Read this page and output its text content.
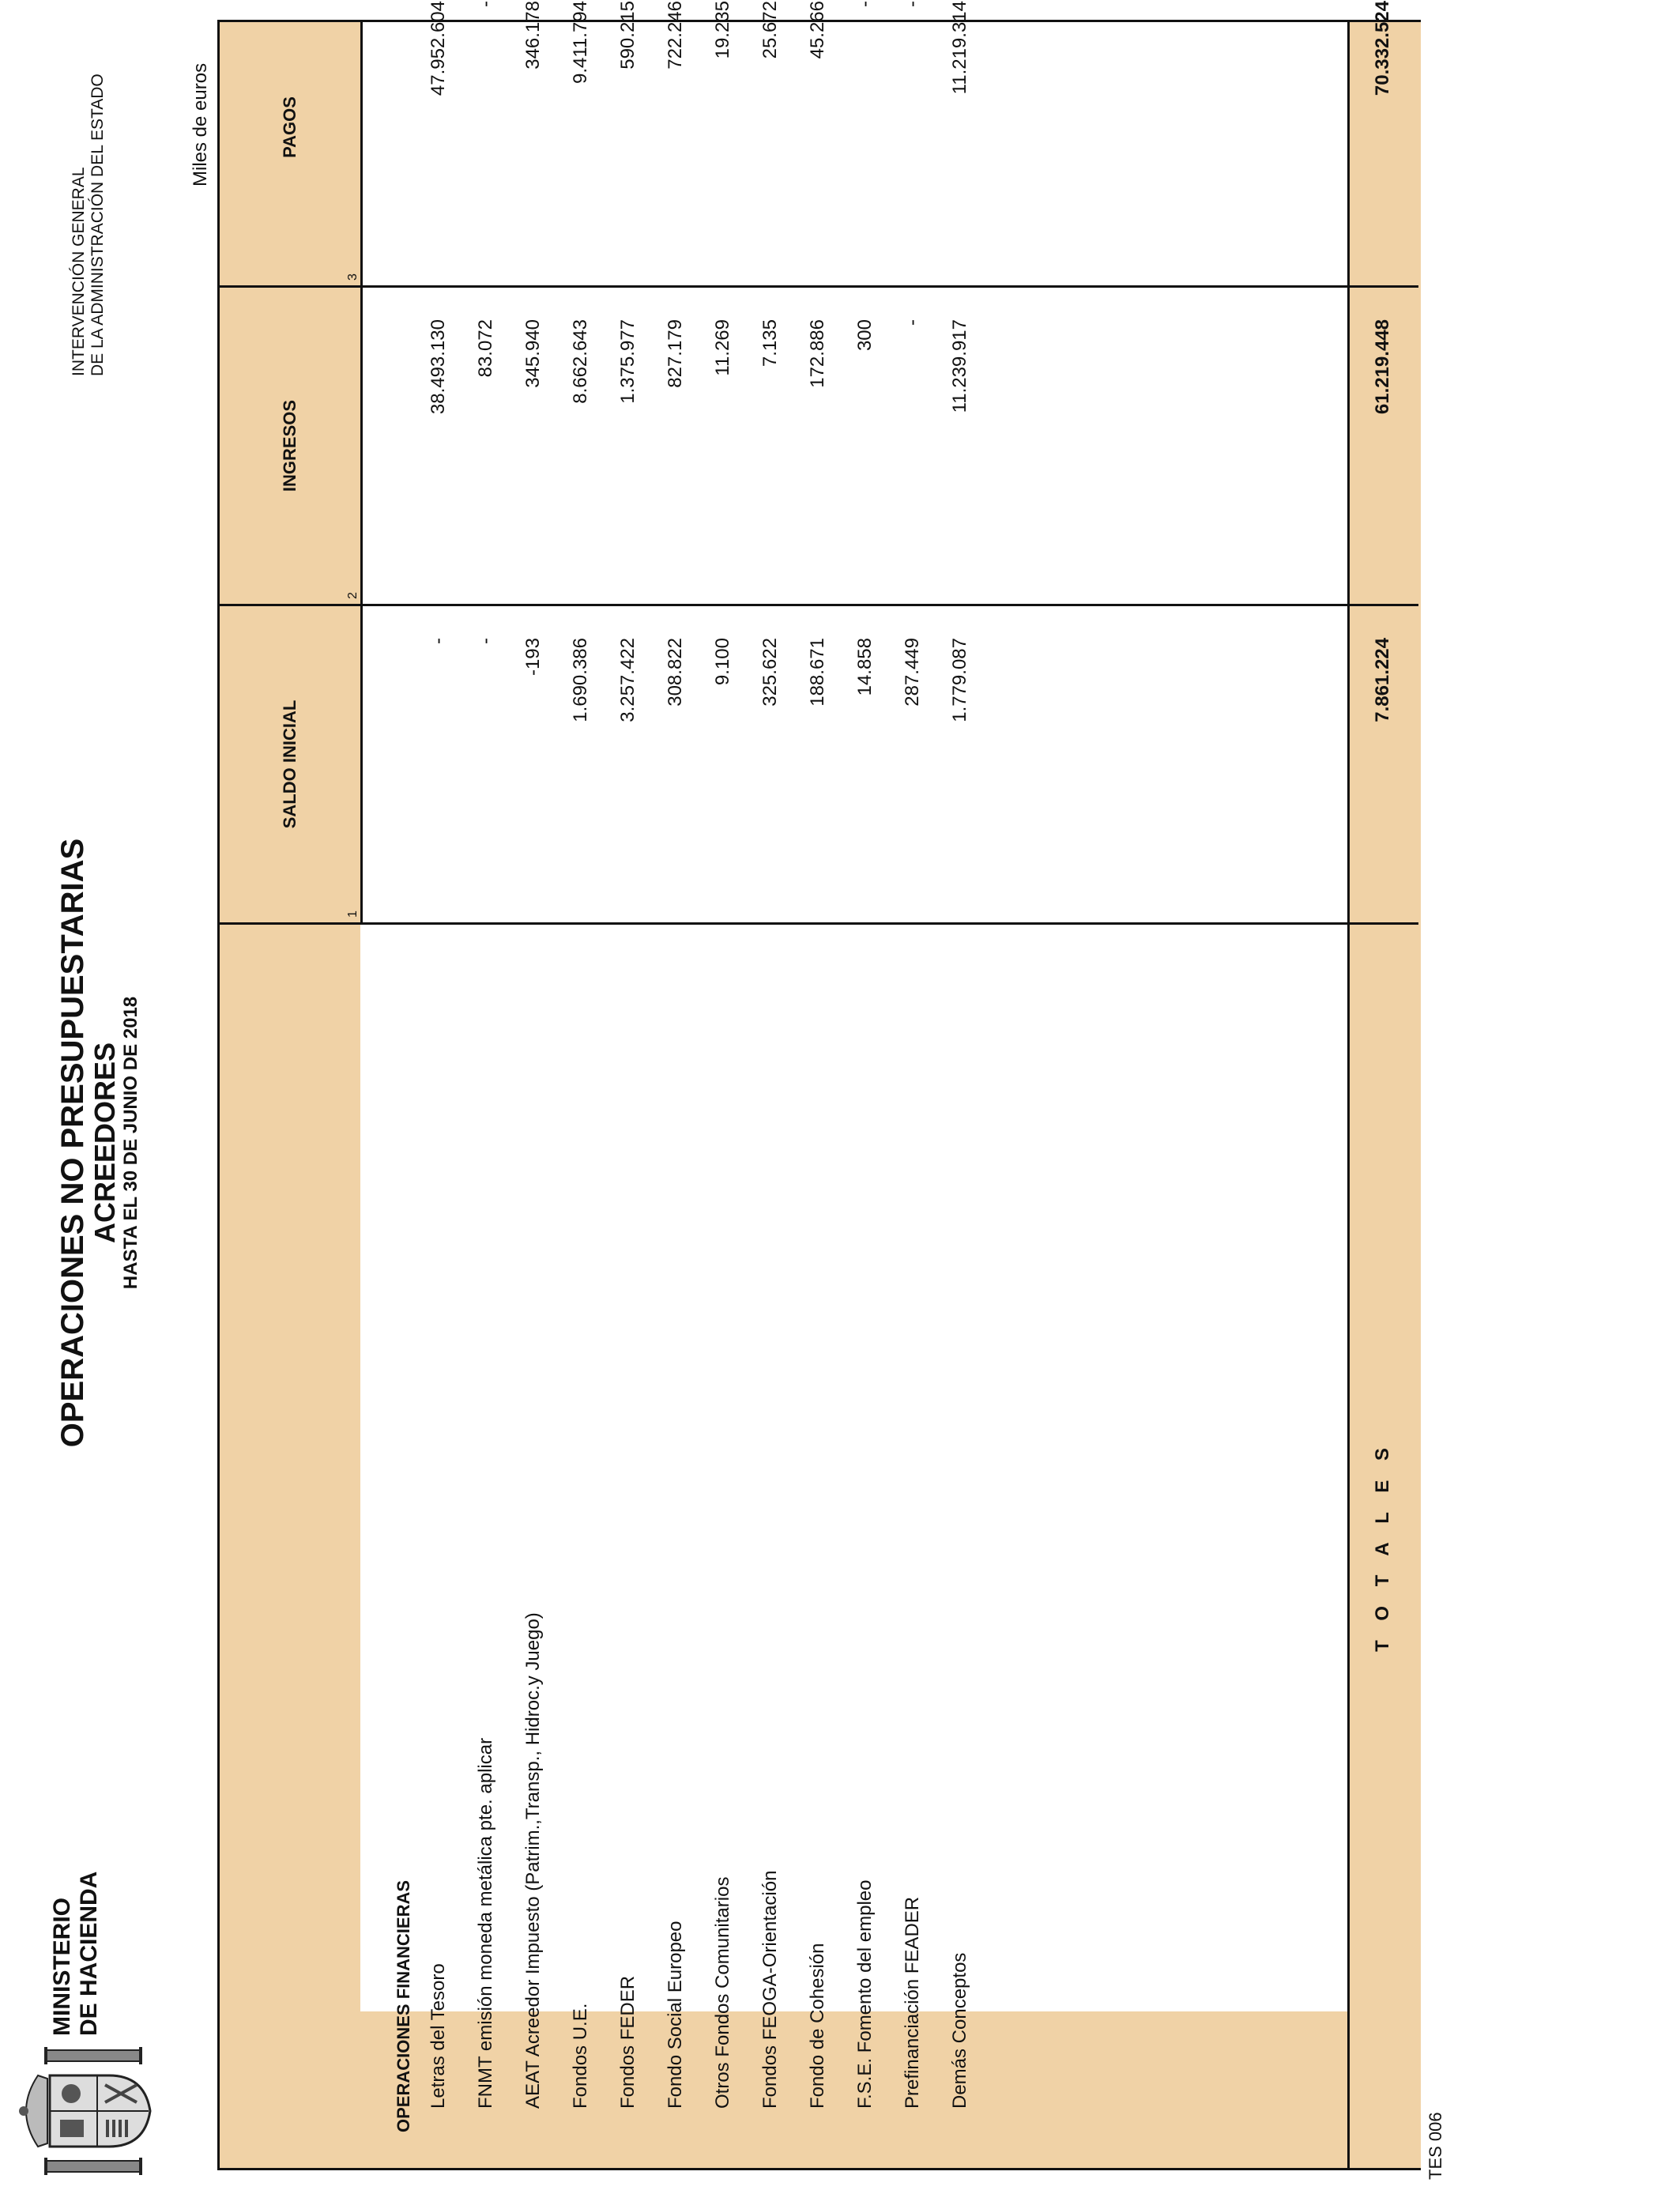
MINISTERIO DE HACIENDA
OPERACIONES NO PRESUPUESTARIAS
ACREEDORES HASTA EL 30 DE JUNIO DE 2018
INTERVENCIÓN GENERAL DE LA ADMINISTRACIÓN DEL ESTADO	Miles de euros
SALDO INICIAL
INGRESOS
PAGOS
1
2
3
OPERACIONES FINANCIERAS Letras del Tesoro
-
38.493.130
47.952.604
FNMT emisión moneda metálica pte. aplicar
-
83.072
-
AEAT Acreedor Impuesto (Patrim.,Transp., Hidroc.y Juego)
-193
345.940
346.178
Fondos U.E.
1.690.386
8.662.643
9.411.794
Fondos FEDER
3.257.422
1.375.977
590.215
Fondo Social Europeo
308.822
827.179
722.246
Otros Fondos Comunitarios
9.100
11.269
19.235
Fondos FEOGA-Orientación
325.622
7.135
25.672
Fondo de Cohesión
188.671
172.886
45.266
F.S.E. Fomento del empleo
14.858
300
-
Prefinanciación FEADER
287.449
-
-
Demás Conceptos
1.779.087
11.239.917
11.219.314
T O T A L E S
7.861.224
61.219.448
70.332.524
TES 006
